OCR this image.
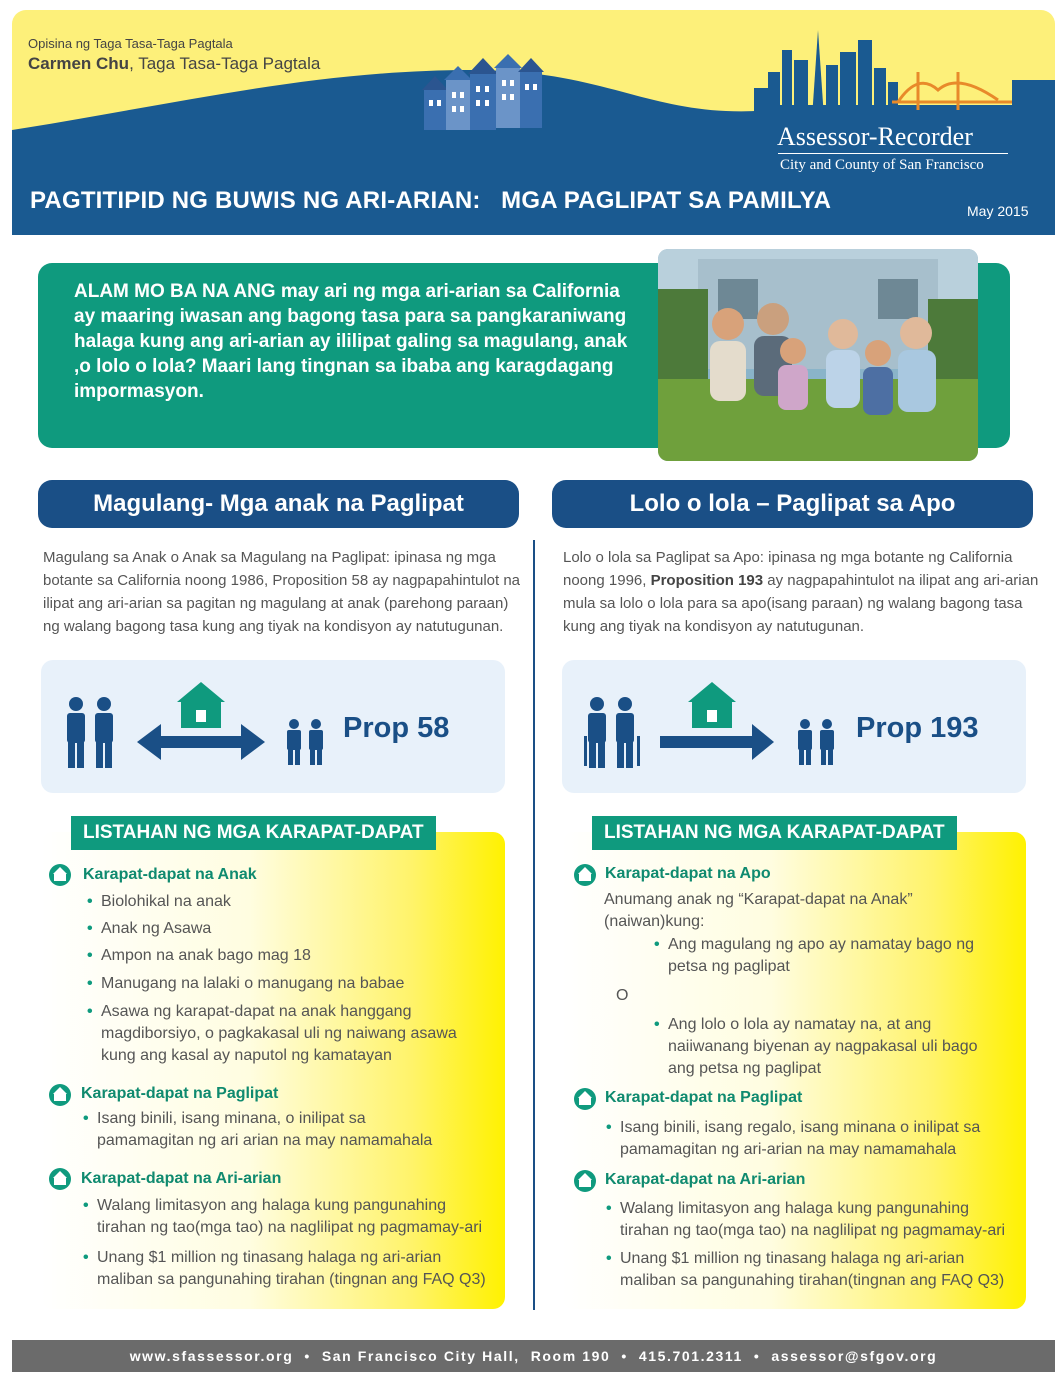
Opisina ng Taga Tasa-Taga Pagtala
Carmen Chu, Taga Tasa-Taga Pagtala
Assessor-Recorder
City and County of San Francisco
PAGTITIPID NG BUWIS NG ARI-ARIAN:   MGA PAGLIPAT SA PAMILYA	May 2015
ALAM MO BA NA ANG may ari ng mga ari-arian sa California ay maaring iwasan ang bagong tasa para sa pangkaraniwang halaga kung ang ari-arian ay ililipat galing sa magulang, anak ,o lolo o lola? Maari lang tingnan sa ibaba ang karagdagang impormasyon.
Magulang- Mga anak na Paglipat	Lolo o lola – Paglipat sa Apo
Magulang sa Anak o Anak sa Magulang na Paglipat: ipinasa ng mga botante sa California noong 1986, Proposition 58 ay nagpapahintulot na ilipat ang ari-arian sa pagitan ng magulang at anak (parehong paraan) ng walang bagong tasa kung ang tiyak na kondisyon ay natutugunan.
Lolo o lola sa Paglipat sa Apo: ipinasa ng mga botante ng California noong 1996, Proposition 193 ay nagpapahintulot na ilipat ang ari-arian mula sa lolo o lola para sa apo(isang paraan) ng walang bagong tasa kung ang tiyak na kondisyon ay natutugunan.
Prop 58	Prop 193
LISTAHAN NG MGA KARAPAT-DAPAT
Karapat-dapat na Anak
• Biolohikal na anak
• Anak ng Asawa
• Ampon na anak bago mag 18
• Manugang na lalaki o manugang na babae
• Asawa ng karapat-dapat na anak hanggang magdiborsiyo, o pagkakasal uli ng naiwang asawa kung ang kasal ay naputol ng kamatayan
Karapat-dapat na Paglipat
• Isang binili, isang minana, o inilipat sa pamamagitan ng ari arian na may namamahala
Karapat-dapat na Ari-arian
• Walang limitasyon ang halaga kung pangunahing tirahan ng tao(mga tao) na naglilipat ng pagmamay-ari
• Unang $1 million ng tinasang halaga ng ari-arian maliban sa pangunahing tirahan (tingnan ang FAQ Q3)
LISTAHAN NG MGA KARAPAT-DAPAT
Karapat-dapat na Apo
Anumang anak ng “Karapat-dapat na Anak” (naiwan)kung:
• Ang magulang ng apo ay namatay bago ng petsa ng paglipat
O
• Ang lolo o lola ay namatay na, at ang naiiwanang biyenan ay nagpakasal uli bago ang petsa ng paglipat
Karapat-dapat na Paglipat
• Isang binili, isang regalo, isang minana o inilipat sa pamamagitan ng ari-arian na may namamahala
Karapat-dapat na Ari-arian
• Walang limitasyon ang halaga kung pangunahing tirahan ng tao(mga tao) na naglilipat ng pagmamay-ari
• Unang $1 million ng tinasang halaga ng ari-arian maliban sa pangunahing tirahan(tingnan ang FAQ Q3)
www.sfassessor.org  •  San Francisco City Hall,  Room 190  •  415.701.2311  •  assessor@sfgov.org
